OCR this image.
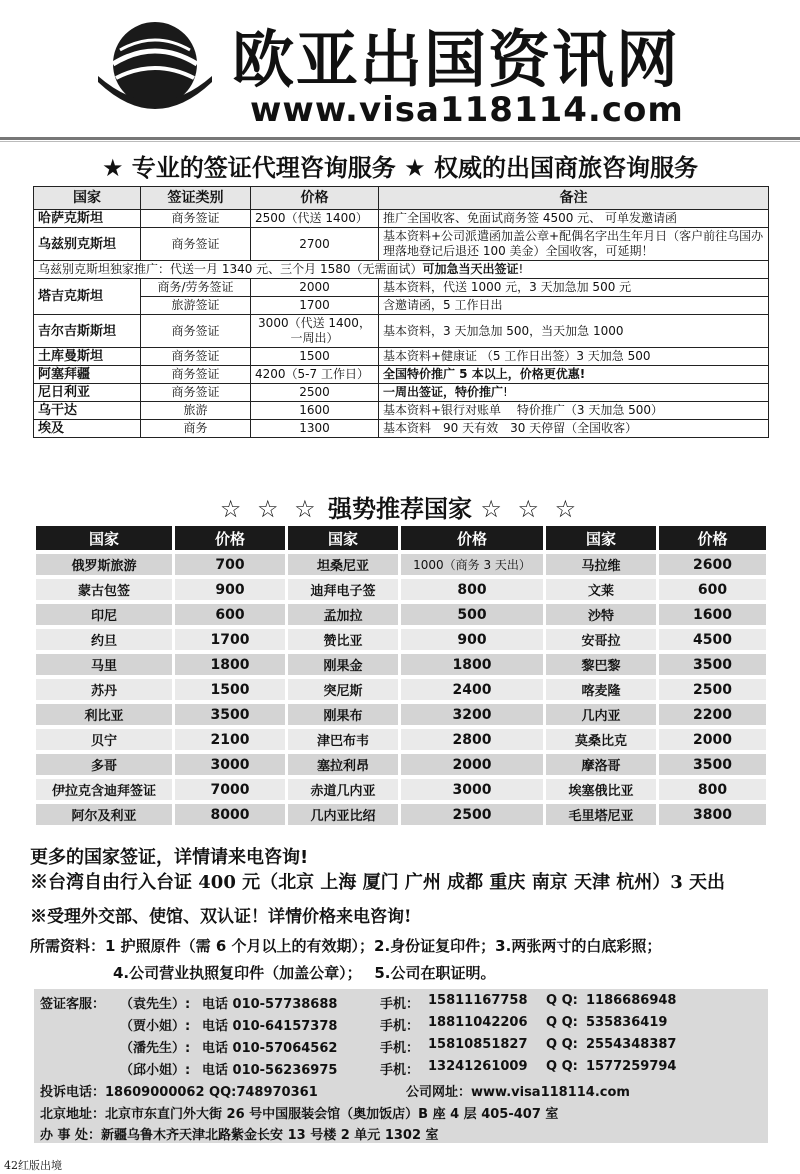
欧亚出国资讯网
www.visa118114.com
★ 专业的签证代理咨询服务 ★ 权威的出国商旅咨询服务
国家	签证类别	价格	备注
哈萨克斯坦	商务签证	2500（代送 1400）	推广全国收客、免面试商务签 4500 元、 可单发邀请函
乌兹别克斯坦	商务签证	2700	基本资料+公司派遣函加盖公章+配偶名字出生年月日（客户前往乌国办理落地登记后退还 100 美金）全国收客，可延期！
乌兹别克斯坦独家推广：代送一月 1340 元、三个月 1580（无需面试）可加急当天出签证!			
塔吉克斯坦	商务/劳务签证	2000	基本资料，代送 1000 元，3 天加急加 500 元
	旅游签证	1700	含邀请函，5 工作日出
吉尔吉斯斯坦	商务签证	3000（代送 1400，一周出）	基本资料，3 天加急加 500，当天加急 1000
土库曼斯坦	商务签证	1500	基本资料+健康证 （5 工作日出签）3 天加急 500
阿塞拜疆	商务签证	4200（5-7 工作日）	全国特价推广 5 本以上，价格更优惠!
尼日利亚	商务签证	2500	一周出签证，特价推广!
乌干达	旅游	1600	基本资料+银行对账单　 特价推广（3 天加急 500）
埃及	商务	1300	基本资料　90 天有效　30 天停留（全国收客）
☆ ☆ ☆ 强势推荐国家 ☆ ☆ ☆
国家	价格	国家	价格	国家	价格
俄罗斯旅游	700	坦桑尼亚	1000（商务 3 天出）	马拉维	2600
蒙古包签	900	迪拜电子签	800	文莱	600
印尼	600	孟加拉	500	沙特	1600
约旦	1700	赞比亚	900	安哥拉	4500
马里	1800	刚果金	1800	黎巴黎	3500
苏丹	1500	突尼斯	2400	喀麦隆	2500
利比亚	3500	刚果布	3200	几内亚	2200
贝宁	2100	津巴布韦	2800	莫桑比克	2000
多哥	3000	塞拉利昂	2000	摩洛哥	3500
伊拉克含迪拜签证	7000	赤道几内亚	3000	埃塞俄比亚	800
阿尔及利亚	8000	几内亚比绍	2500	毛里塔尼亚	3800
更多的国家签证，详情请来电咨询!
※台湾自由行入台证 400 元（北京 上海 厦门 广州 成都 重庆 南京 天津 杭州）3 天出
※受理外交部、使馆、双认证！详情价格来电咨询!
所需资料：1 护照原件（需 6 个月以上的有效期）；2.身份证复印件；3.两张两寸的白底彩照；
4.公司营业执照复印件（加盖公章）；　 5.公司在职证明。
签证客服： （袁先生）: 电话 010-57738688	手机： 15811167758 Q Q: 1186686948
（贾小姐）: 电话 010-64157378	手机： 18811042206 Q Q: 535836419
（潘先生）: 电话 010-57064562	手机： 15810851827 Q Q: 2554348387
（邱小姐）: 电话 010-56236975	手机： 13241261009 Q Q: 1577259794
投诉电话：18609000062 QQ:748970361	公司网址：www.visa118114.com
北京地址：北京市东直门外大街 26 号中国服装会馆（奥加饭店）B 座 4 层 405-407 室
办 事 处：新疆乌鲁木齐天津北路紫金长安 13 号楼 2 单元 1302 室
42红版出境
